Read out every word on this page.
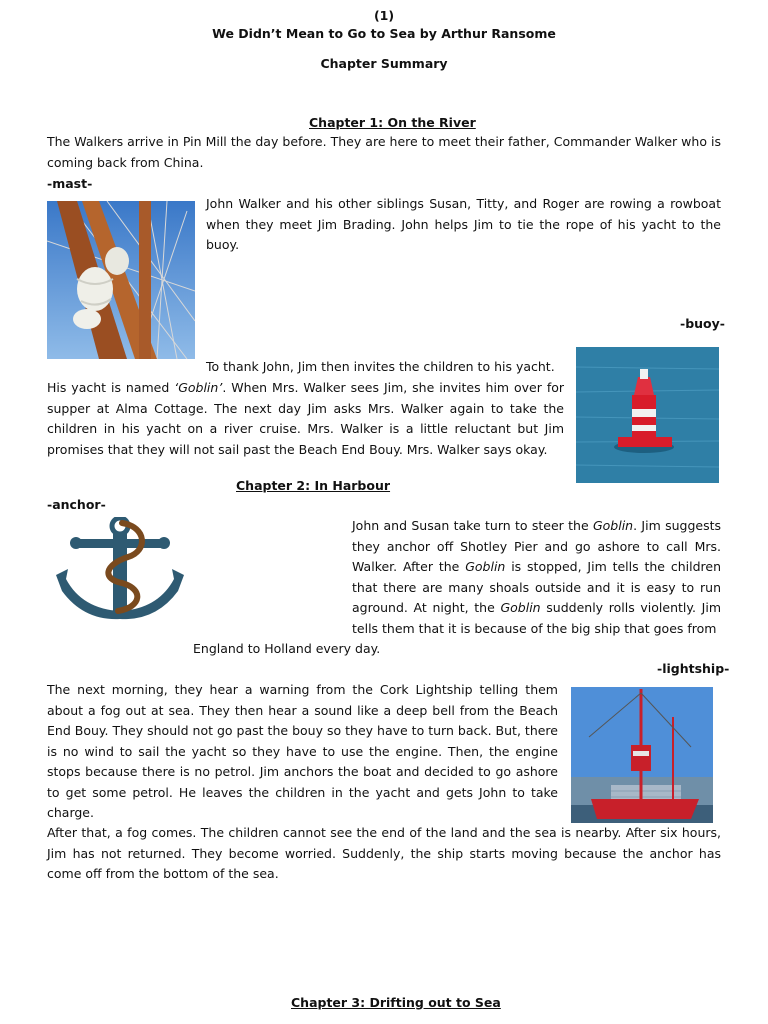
(1)
We Didn’t Mean to Go to Sea by Arthur Ransome
Chapter Summary
Chapter 1: On the River

The Walkers arrive in Pin Mill the day before. They are here to meet their father, Commander Walker who is coming back from China.

-mast-

John Walker and his other siblings Susan, Titty, and Roger are rowing a rowboat when they meet Jim Brading. John helps Jim to tie the rope of his yacht to the buoy.

-buoy-

To thank John, Jim then invites the children to his yacht.

His yacht is named ‘Goblin’. When Mrs. Walker sees Jim, she invites him over for supper at Alma Cottage. The next day Jim asks Mrs. Walker again to take the children in his yacht on a river cruise. Mrs. Walker is a little reluctant but Jim promises that they will not sail past the Beach End Bouy. Mrs. Walker says okay.

Chapter 2: In Harbour
-anchor-

John and Susan take turn to steer the Goblin. Jim suggests they anchor off Shotley Pier and go ashore to call Mrs. Walker. After the Goblin is stopped, Jim tells the children that there are many shoals outside and it is easy to run aground. At night, the Goblin suddenly rolls violently. Jim tells them that it is because of the big ship that goes from

England to Holland every day.

-lightship-

The next morning, they hear a warning from the Cork Lightship telling them about a fog out at sea. They then hear a sound like a deep bell from the Beach End Bouy. They should not go past the bouy so they have to turn back. But, there is no wind to sail the yacht so they have to use the engine. Then, the engine stops because there is no petrol. Jim anchors the boat and decided to go ashore to get some petrol. He leaves the children in the yacht and gets John to take charge.

After that, a fog comes. The children cannot see the end of the land and the sea is nearby. After six hours, Jim has not returned. They become worried. Suddenly, the ship starts moving because the anchor has come off from the bottom of the sea.

Chapter 3: Drifting out to Sea
